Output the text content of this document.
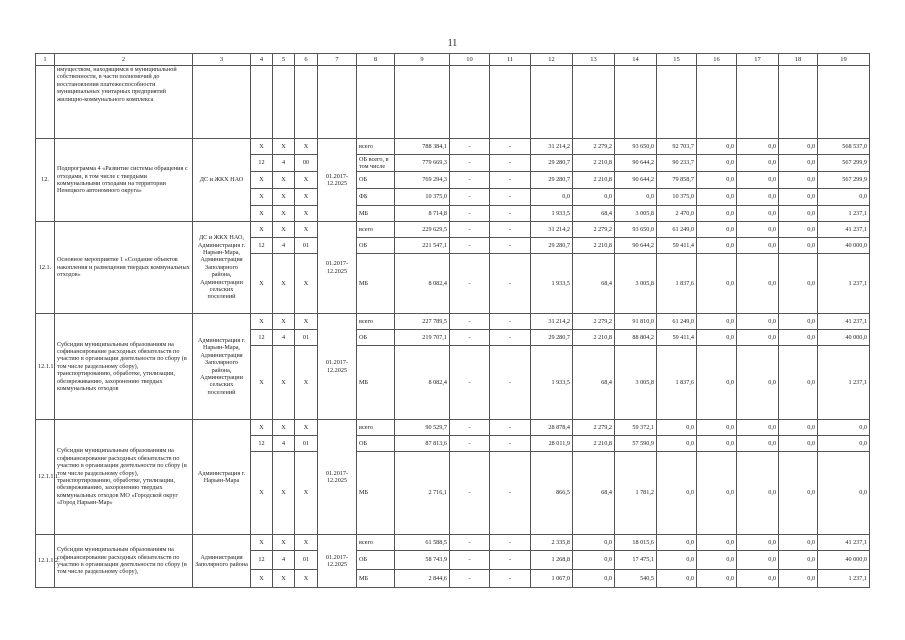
11
1	2	3	4	5	6	7	8	9	10	11	12	13	14	15	16	17	18	19
	имуществом, находящимся в муниципальной собственности, в части полномочий до восстановления платежеспособности муниципальных унитарных предприятий жилищно-коммунального комплекса																	
12.	Подпрограмма 4 «Развитие системы обращения с отходами, в том числе с твердыми коммунальными отходами на территории Ненецкого автономного округа»	ДС и ЖКХ НАО	X	X	X	01.2017-12.2025	всего	788 384,1	-	-	31 214,2	2 279,2	93 650,0	92 703,7	0,0	0,0	0,0	568 537,0
			12	4	00		ОБ всего, в том числе	779 669,3	-	-	29 280,7	2 210,8	90 644,2	90 233,7	0,0	0,0	0,0	567 299,9
			X	X	X		ОБ	769 294,3	-	-	29 280,7	2 210,8	90 644,2	79 858,7	0,0	0,0	0,0	567 299,9
			X	X	X		ФБ	10 375,0	-	-	0,0	0,0	0,0	10 375,0	0,0	0,0	0,0	0,0
			X	X	X		МБ	8 714,8	-	-	1 933,5	68,4	3 005,8	2 470,0	0,0	0,0	0,0	1 237,1
12.1.	Основное мероприятие 1 «Создание объектов накопления и размещения твердых коммунальных отходов»	ДС и ЖКХ НАО, Администрация г. Нарьян-Мара, Администрация Заполярного района, Администрации сельских поселений	X	X	X	01.2017-12.2025	всего	229 629,5	-	-	31 214,2	2 279,2	93 650,0	61 249,0	0,0	0,0	0,0	41 237,1
			12	4	01		ОБ	221 547,1	-	-	29 280,7	2 210,8	90 644,2	59 411,4	0,0	0,0	0,0	40 000,0
			X	X	X		МБ	8 082,4	-	-	1 933,5	68,4	3 005,8	1 837,6	0,0	0,0	0,0	1 237,1
12.1.1.	Субсидии муниципальным образованиям на софинансирование расходных обязательств по участию в организации деятельности по сбору (в том числе раздельному сбору), транспортированию, обработке, утилизации, обезвреживанию, захоронению твердых коммунальных отходов	Администрация г. Нарьян-Мара, Администрация Заполярного района, Администрации сельских поселений	X	X	X	01.2017-12.2025	всего	227 789,5	-	-	31 214,2	2 279,2	91 810,0	61 249,0	0,0	0,0	0,0	41 237,1
			12	4	01		ОБ	219 707,1	-	-	29 280,7	2 210,8	88 804,2	59 411,4	0,0	0,0	0,0	40 000,0
			X	X	X		МБ	8 082,4	-	-	1 933,5	68,4	3 005,8	1 837,6	0,0	0,0	0,0	1 237,1
12.1.1.1.	Субсидии муниципальным образованиям на софинансирование расходных обязательств по участию в организации деятельности по сбору (в том числе раздельному сбору), транспортированию, обработке, утилизации, обезвреживанию, захоронению твердых коммунальных отходов МО «Городской округ «Город Нарьян-Мар»	Администрация г. Нарьян-Мара	X	X	X	01.2017-12.2025	всего	90 529,7	-	-	28 878,4	2 279,2	59 372,1	0,0	0,0	0,0	0,0	0,0
			12	4	01		ОБ	87 813,6	-	-	28 011,9	2 210,8	57 590,9	0,0	0,0	0,0	0,0	0,0
			X	X	X		МБ	2 716,1	-	-	866,5	68,4	1 781,2	0,0	0,0	0,0	0,0	0,0
12.1.1.2.	Субсидии муниципальным образованиям на софинансирование расходных обязательств по участию в организации деятельности по сбору (в том числе раздельному сбору),	Администрация Заполярного района	X	X	X	01.2017-12.2025	всего	61 588,5	-	-	2 335,8	0,0	18 015,6	0,0	0,0	0,0	0,0	41 237,1
			12	4	01		ОБ	58 743,9	-	-	1 268,8	0,0	17 475,1	0,0	0,0	0,0	0,0	40 000,0
			X	X	X		МБ	2 844,6	-	-	1 067,0	0,0	540,5	0,0	0,0	0,0	0,0	1 237,1
